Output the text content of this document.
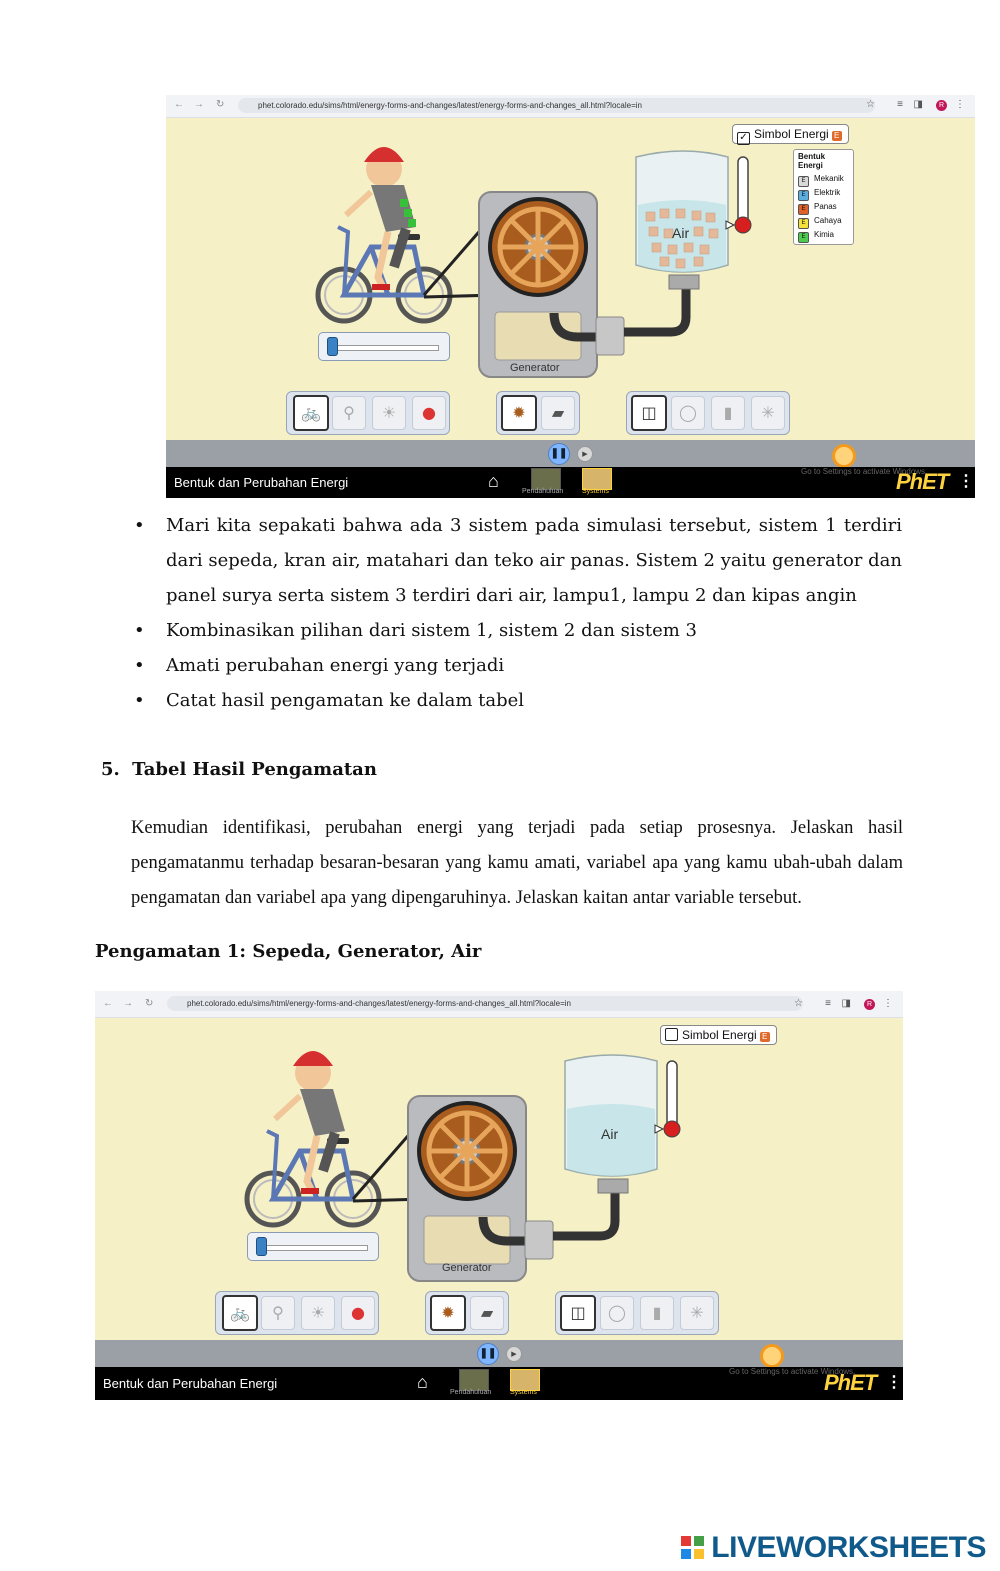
← → ↻	phet.colorado.edu/sims/html/energy-forms-and-changes/latest/energy-forms-and-changes_all.html?locale=in	☆ ≡ ◨	R ⋮
Air
Generator
✓ Simbol Energi E
Bentuk Energi
E Mekanik
E Elektrik
E Panas
E Cahaya
E Kimia
🚲	⚲	☀	●	✹	▰	◫	◯	▮	✳
❚❚	▶
Bentuk dan Perubahan Energi	⌂
Pendahuluan	Systems
Go to Settings to activate Windows.
PhET ⋮
• Mari kita sepakati bahwa ada 3 sistem pada simulasi tersebut, sistem 1 terdiri dari sepeda, kran air, matahari dan teko air panas. Sistem 2 yaitu generator dan panel surya serta sistem 3 terdiri dari air, lampu1, lampu 2 dan kipas angin
• Kombinasikan pilihan dari sistem 1, sistem 2 dan sistem 3
• Amati perubahan energi yang terjadi
• Catat hasil pengamatan ke dalam tabel
5. Tabel Hasil Pengamatan
Kemudian identifikasi, perubahan energi yang terjadi pada setiap prosesnya. Jelaskan hasil pengamatanmu terhadap besaran-besaran yang kamu amati, variabel apa yang kamu ubah-ubah dalam pengamatan dan variabel apa yang dipengaruhinya. Jelaskan kaitan antar variable tersebut.
Pengamatan 1: Sepeda, Generator, Air
← → ↻	phet.colorado.edu/sims/html/energy-forms-and-changes/latest/energy-forms-and-changes_all.html?locale=in	☆ ≡ ◨	R ⋮
Air
Generator
Simbol Energi E
🚲	⚲	☀	●	✹	▰	◫	◯	▮	✳
❚❚	▶
Bentuk dan Perubahan Energi	⌂
Pendahuluan	Systems
Go to Settings to activate Windows.
PhET ⋮
LIVEWORKSHEETS
